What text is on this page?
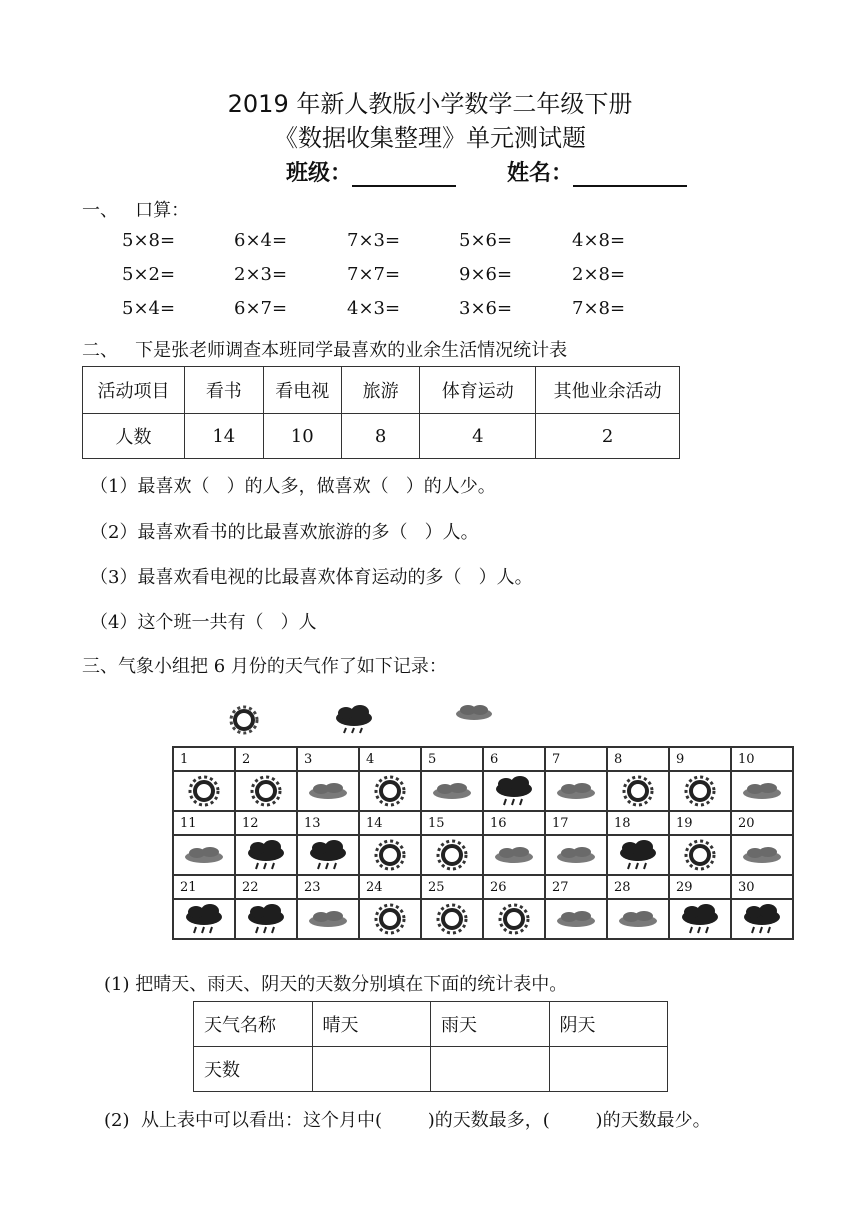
2019 年新人教版小学数学二年级下册
《数据收集整理》单元测试题
班级：	姓名：
一、   口算：
5×8=	6×4=	7×3=	5×6=	4×8=
5×2=	2×3=	7×7=	9×6=	2×8=
5×4=	6×7=	4×3=	3×6=	7×8=
二、   下是张老师调查本班同学最喜欢的业余生活情况统计表
活动项目	看书	看电视	旅游	体育运动	其他业余活动
人数	14	10	8	4	2
（1）最喜欢（   ）的人多，做喜欢（   ）的人少。
（2）最喜欢看书的比最喜欢旅游的多（   ）人。
（3）最喜欢看电视的比最喜欢体育运动的多（   ）人。
（4）这个班一共有（   ）人
三、气象小组把 6 月份的天气作了如下记录：
1	2	3	4	5	6	7	8	9	10

11	12	13	14	15	16	17	18	19	20

21	22	23	24	25	26	27	28	29	30

(1) 把晴天、雨天、阴天的天数分别填在下面的统计表中。
天气名称	晴天	雨天	阴天
天数			
(2)  从上表中可以看出：这个月中(        )的天数最多，(        )的天数最少。
